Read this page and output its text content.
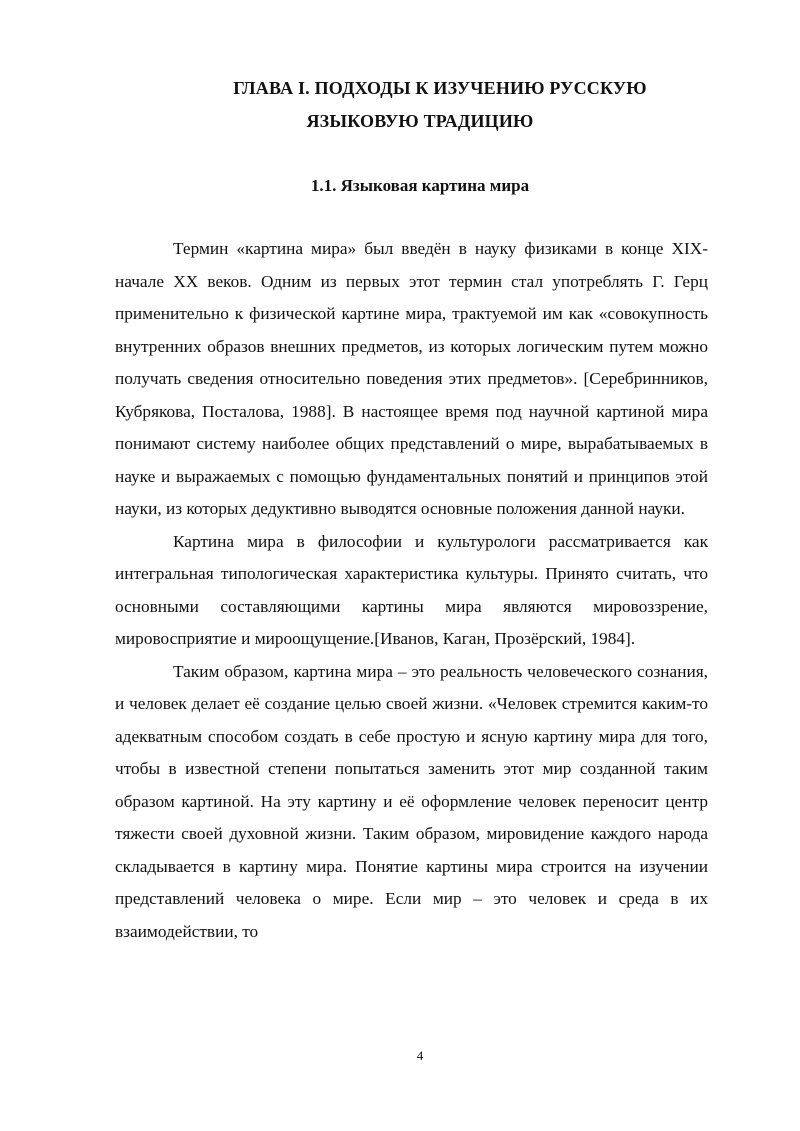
ГЛАВА I. ПОДХОДЫ К ИЗУЧЕНИЮ РУССКУЮ
ЯЗЫКОВУЮ ТРАДИЦИЮ
1.1. Языковая картина мира

Термин «картина мира» был введён в науку физиками в конце XIX- начале XX веков. Одним из первых этот термин стал употреблять Г. Герц применительно к физической картине мира, трактуемой им как «совокупность внутренних образов внешних предметов, из которых логическим путем можно получать сведения относительно поведения этих предметов». [Серебринников, Кубрякова, Посталова, 1988]. В настоящее время под научной картиной мира понимают систему наиболее общих представлений о мире, вырабатываемых в науке и выражаемых с помощью фундаментальных понятий и принципов этой науки, из которых дедуктивно выводятся основные положения данной науки.

Картина мира в философии и культурологи рассматривается как интегральная типологическая характеристика культуры. Принято считать, что основными составляющими картины мира являются мировоззрение, мировосприятие и мироощущение.[Иванов, Каган, Прозёрский, 1984].

Таким образом, картина мира – это реальность человеческого сознания, и человек делает её создание целью своей жизни. «Человек стремится каким-то адекватным способом создать в себе простую и ясную картину мира для того, чтобы в известной степени попытаться заменить этот мир созданной таким образом картиной. На эту картину и её оформление человек переносит центр тяжести своей духовной жизни. Таким образом, мировидение каждого народа складывается в картину мира. Понятие картины мира строится на изучении представлений человека о мире. Если мир – это человек и среда в их взаимодействии, то

4
